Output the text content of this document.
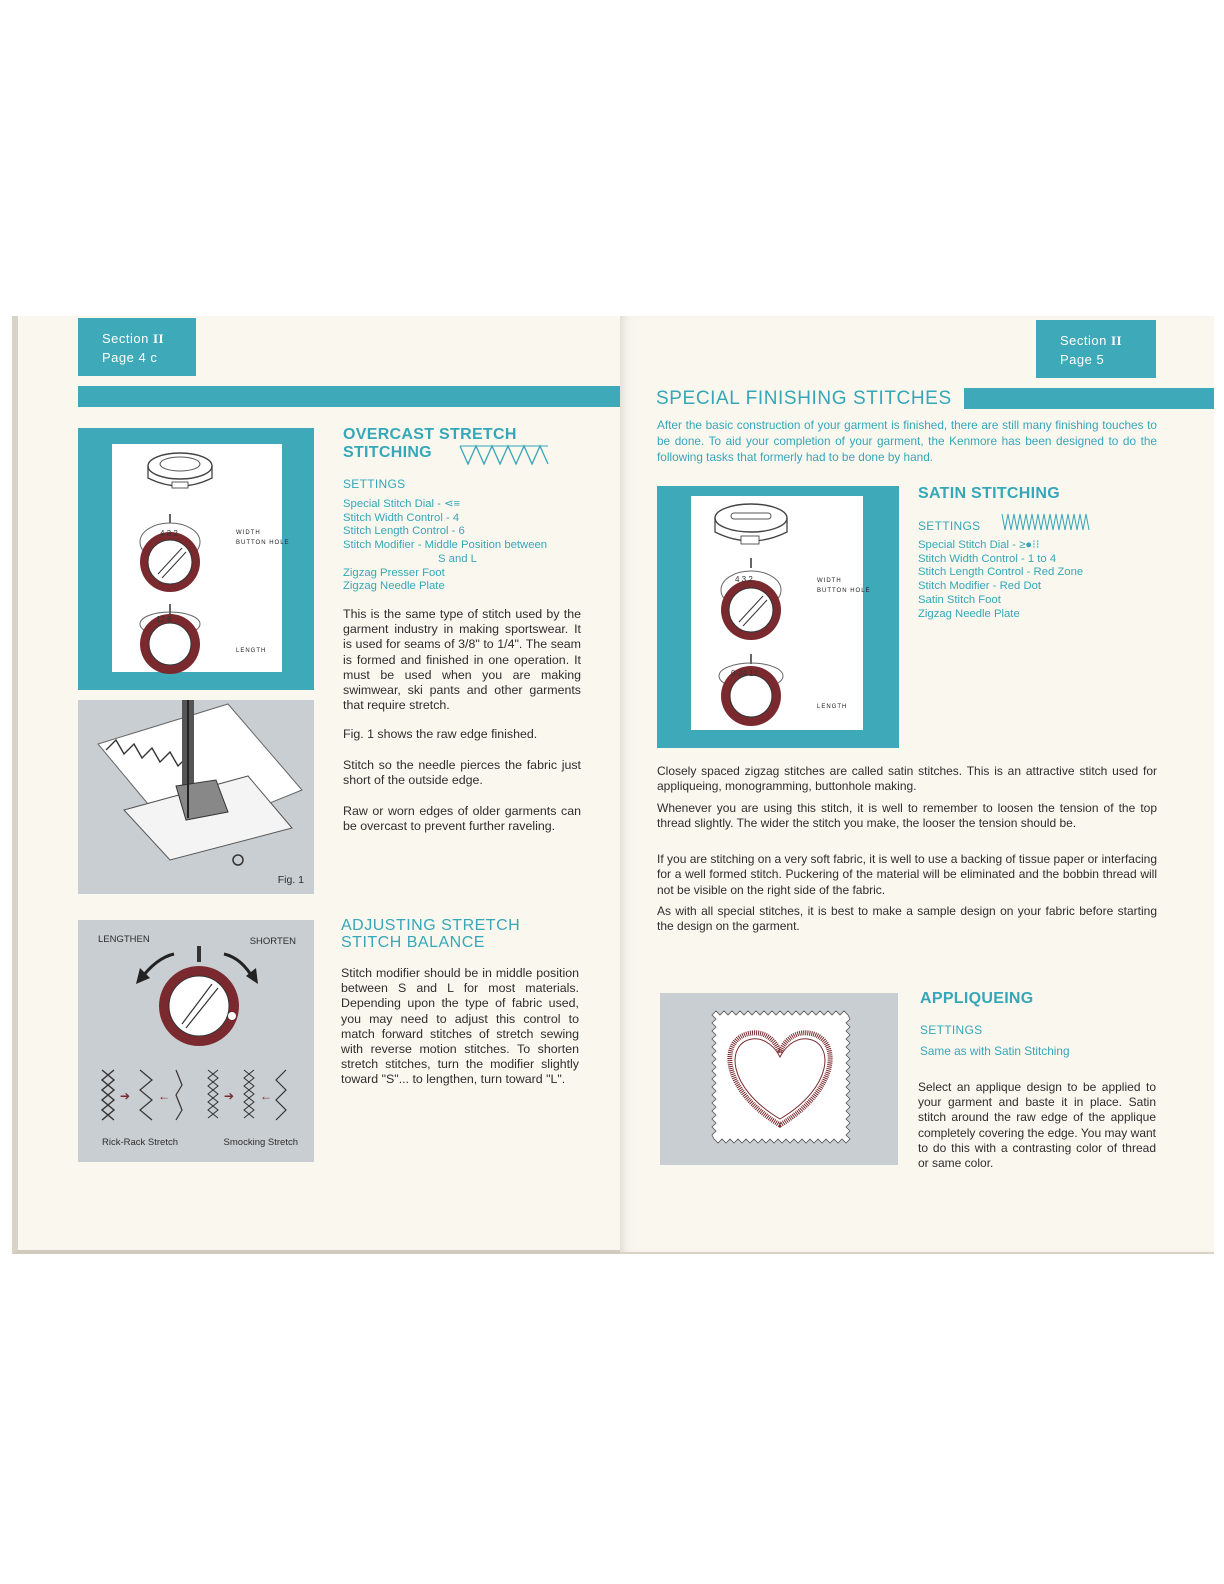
Section II
Page 4 c
4 3 2
12 6
WIDTH
BUTTON HOLE
LENGTH
Fig. 1
LENGTHEN	SHORTEN
➔ ←	➔ ←
Rick-Rack Stretch	Smocking Stretch
OVERCAST STRETCH
STITCHING
SETTINGS
Special Stitch Dial - ⋖≡
Stitch Width Control - 4
Stitch Length Control - 6
Stitch Modifier - Middle Position between
S and L
Zigzag Presser Foot
Zigzag Needle Plate
This is the same type of stitch used by the garment industry in making sportswear. It is used for seams of 3/8" to 1/4". The seam is formed and finished in one operation. It must be used when you are making swimwear, ski pants and other garments that require stretch.
Fig. 1 shows the raw edge finished.
Stitch so the needle pierces the fabric just short of the outside edge.
Raw or worn edges of older garments can be overcast to prevent further raveling.
ADJUSTING STRETCH
STITCH BALANCE
Stitch modifier should be in middle position between S and L for most materials. Depending upon the type of fabric used, you may need to adjust this control to match forward stitches of stretch sewing with reverse motion stitches. To shorten stretch stitches, turn the modifier slightly toward "S"... to lengthen, turn toward "L".
Section II
Page 5
SPECIAL FINISHING STITCHES
After the basic construction of your garment is finished, there are still many finishing touches to be done. To aid your completion of your garment, the Kenmore has been designed to do the following tasks that formerly had to be done by hand.
4 3 2
0-24 12
WIDTH
BUTTON HOLE
LENGTH
SATIN STITCHING
SETTINGS
Special Stitch Dial - ≥●⁝⁝
Stitch Width Control - 1 to 4
Stitch Length Control - Red Zone
Stitch Modifier - Red Dot
Satin Stitch Foot
Zigzag Needle Plate
Closely spaced zigzag stitches are called satin stitches. This is an attractive stitch used for appliqueing, monogramming, buttonhole making.
Whenever you are using this stitch, it is well to remember to loosen the tension of the top thread slightly. The wider the stitch you make, the looser the tension should be.
If you are stitching on a very soft fabric, it is well to use a backing of tissue paper or interfacing for a well formed stitch. Puckering of the material will be eliminated and the bobbin thread will not be visible on the right side of the fabric.
As with all special stitches, it is best to make a sample design on your fabric before starting the design on the garment.
APPLIQUEING
SETTINGS
Same as with Satin Stitching
Select an applique design to be applied to your garment and baste it in place. Satin stitch around the raw edge of the applique completely covering the edge. You may want to do this with a contrasting color of thread or same color.
